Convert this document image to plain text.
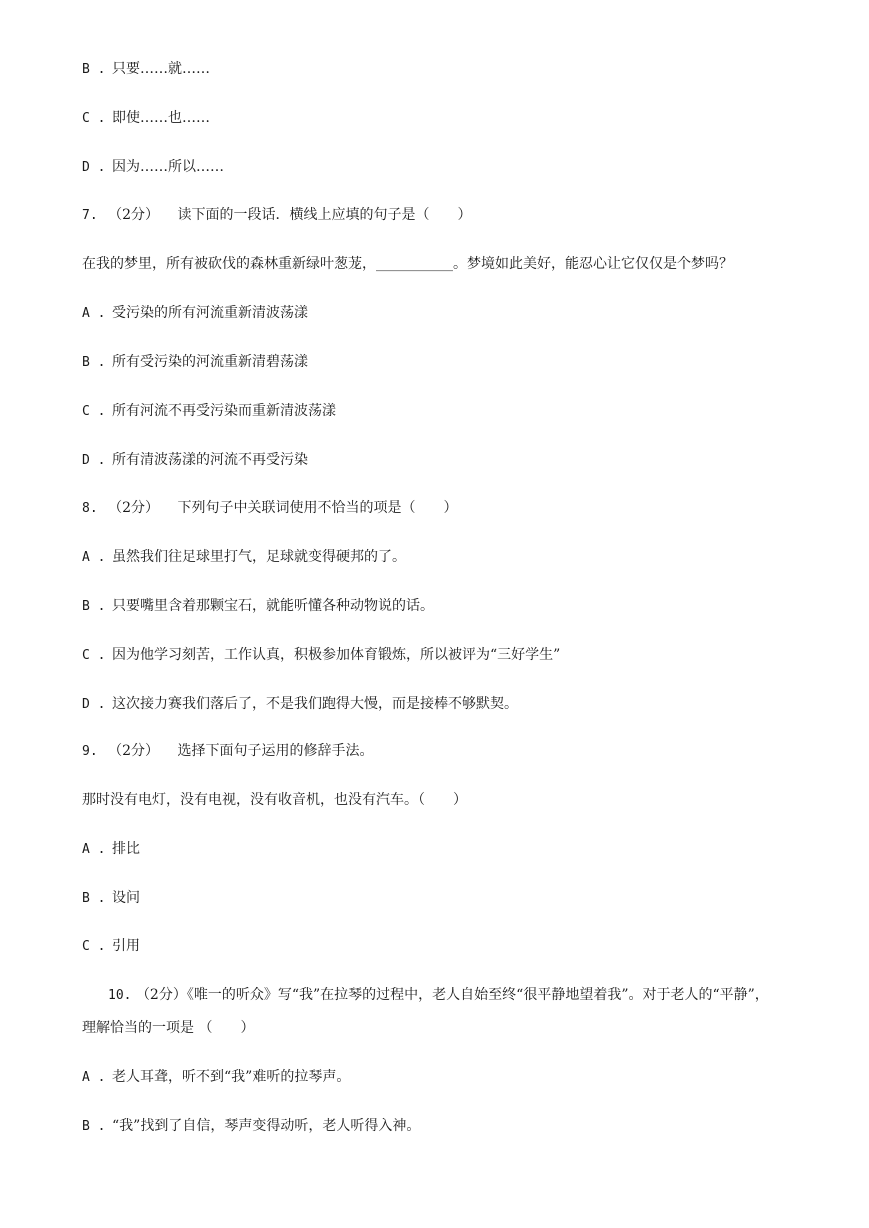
B . 只要……就……
C . 即使……也……
D . 因为……所以……
7. （2分） 读下面的一段话．横线上应填的句子是（　　）
在我的梦里，所有被砍伐的森林重新绿叶葱茏，___________。梦境如此美好，能忍心让它仅仅是个梦吗？
A . 受污染的所有河流重新清波荡漾
B . 所有受污染的河流重新清碧荡漾
C . 所有河流不再受污染而重新清波荡漾
D . 所有清波荡漾的河流不再受污染
8. （2分） 下列句子中关联词使用不恰当的项是（　　）
A . 虽然我们往足球里打气，足球就变得硬邦的了。
B . 只要嘴里含着那颗宝石，就能听懂各种动物说的话。
C . 因为他学习刻苦，工作认真，积极参加体育锻炼，所以被评为“三好学生”
D . 这次接力赛我们落后了，不是我们跑得大慢，而是接棒不够默契。
9. （2分） 选择下面句子运用的修辞手法。
那时没有电灯，没有电视，没有收音机，也没有汽车。（　　）
A . 排比
B . 设问
C . 引用
10. （2分）《唯一的听众》写“我”在拉琴的过程中，老人自始至终“很平静地望着我”。对于老人的“平静”，
理解恰当的一项是 （　　）
A . 老人耳聋，听不到“我”难听的拉琴声。
B . “我”找到了自信，琴声变得动听，老人听得入神。
